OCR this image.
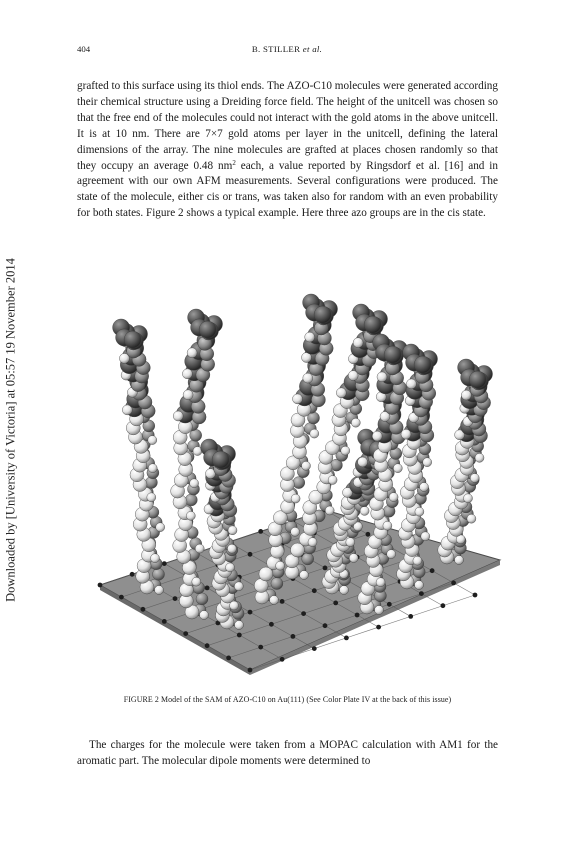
Downloaded by [University of Victoria] at 05:57 19 November 2014
404	B. STILLER et al.
grafted to this surface using its thiol ends. The AZO-C10 molecules were generated according their chemical structure using a Dreiding force field. The height of the unitcell was chosen so that the free end of the molecules could not interact with the gold atoms in the above unitcell. It is at 10 nm. There are 7×7 gold atoms per layer in the unitcell, defining the lateral dimensions of the array. The nine molecules are grafted at places chosen randomly so that they occupy an average 0.48 $nm^2$ each, a value reported by Ringsdorf et al. [16] and in agreement with our own AFM measurements. Several configurations were produced. The state of the molecule, either cis or trans, was taken also for random with an even probability for both states. Figure 2 shows a typical example. Here three azo groups are in the cis state.
FIGURE 2 Model of the SAM of AZO-C10 on Au(111) (See Color Plate IV at the back of this issue)
The charges for the molecule were taken from a MOPAC calculation with AM1 for the aromatic part. The molecular dipole moments were determined to
